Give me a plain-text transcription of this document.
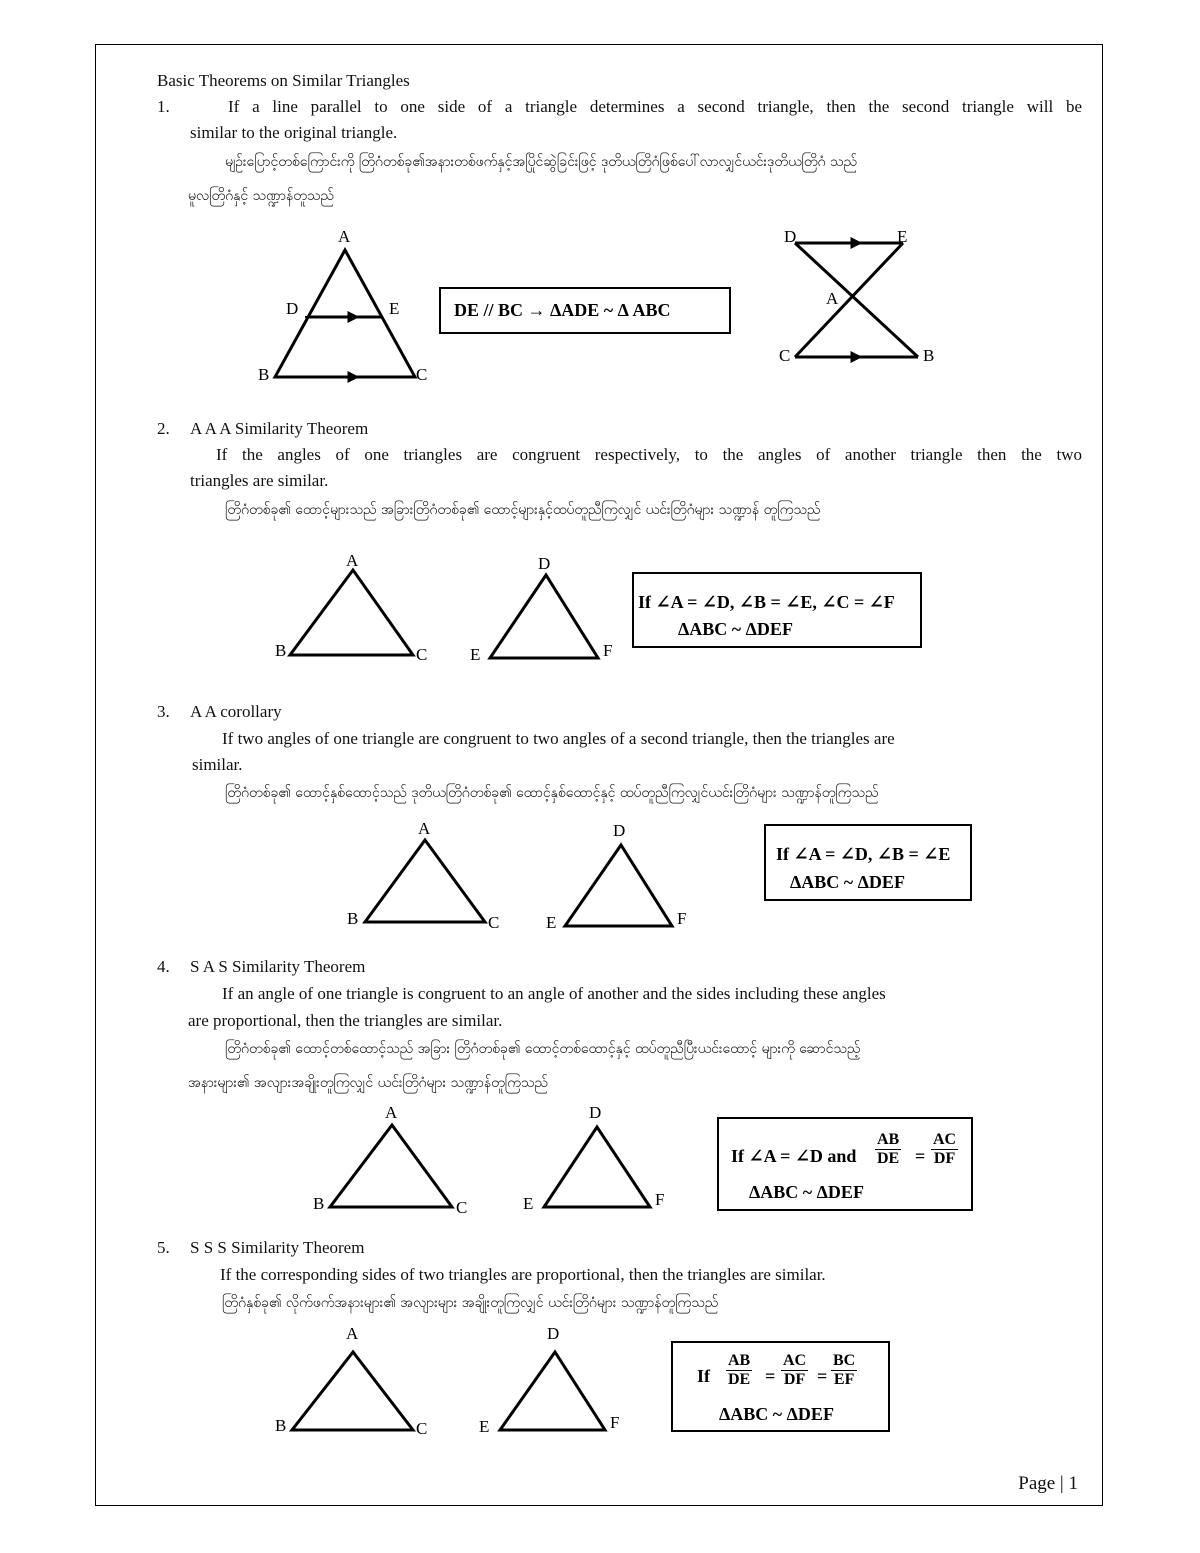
Basic Theorems on Similar Triangles
1.	If a line parallel to one side of a triangle determines a second triangle, then the second triangle will be
similar to the original triangle.
မျဉ်းပြောင့်တစ်ကြောင်းကို တြိဂံတစ်ခု၏အနားတစ်ဖက်နှင့်အပြိုင်ဆွဲခြင်းဖြင့် ဒုတိယတြိဂံဖြစ်ပေါ်လာလျှင်ယင်းဒုတိယတြိဂံ သည်
မူလတြိဂံနှင့် သဏ္ဍာန်တူသည်
A
D	E
B	C
D	E
A
C	B
DE // BC → ΔADE ~ Δ ABC
2. A A A Similarity Theorem
If the angles of one triangles are congruent respectively, to the angles of another triangle then the two
triangles are similar.
တြိဂံတစ်ခု၏ ထောင့်များသည် အခြားတြိဂံတစ်ခု၏ ထောင့်များနှင့်ထပ်တူညီကြလျှင် ယင်းတြိဂံများ သဏ္ဍာန် တူကြသည်
A
B	C
D
E	F
If ∠A = ∠D, ∠B = ∠E, ∠C = ∠F
ΔABC ~ ΔDEF
3. A A corollary
If two angles of one triangle are congruent to two angles of a second triangle, then the triangles are
similar.
တြိဂံတစ်ခု၏ ထောင့်နှစ်ထောင့်သည် ဒုတိယတြိဂံတစ်ခု၏ ထောင့်နှစ်ထောင့်နှင့် ထပ်တူညီကြလျှင်ယင်းတြိဂံများ သဏ္ဍာန်တူကြသည်
A
B	C
D
E	F
If ∠A = ∠D, ∠B = ∠E
ΔABC ~ ΔDEF
4. S A S Similarity Theorem
If an angle of one triangle is congruent to an angle of another and the sides including these angles
are proportional, then the triangles are similar.
တြိဂံတစ်ခု၏ ထောင့်တစ်ထောင့်သည် အခြား တြိဂံတစ်ခု၏ ထောင့်တစ်ထောင့်နှင့် ထပ်တူညီပြီးယင်းထောင့် များကို ဆောင်သည့်
အနားများ၏ အလျားအချိုးတူကြလျှင် ယင်းတြိဂံများ သဏ္ဍာန်တူကြသည်
A
B	C
D
E	F
If ∠A = ∠D and $\frac{AB}{DE} = \frac{AC}{DF}$
ΔABC ~ ΔDEF
5. S S S Similarity Theorem
If the corresponding sides of two triangles are proportional, then the triangles are similar.
တြိဂံနှစ်ခု၏ လိုက်ဖက်အနားများ၏ အလျားများ အချိုးတူကြလျှင် ယင်းတြိဂံများ သဏ္ဍာန်တူကြသည်
A
B	C
D
E	F
If $\frac{AB}{DE} = \frac{AC}{DF} = \frac{BC}{EF}$
ΔABC ~ ΔDEF
Page | 1
